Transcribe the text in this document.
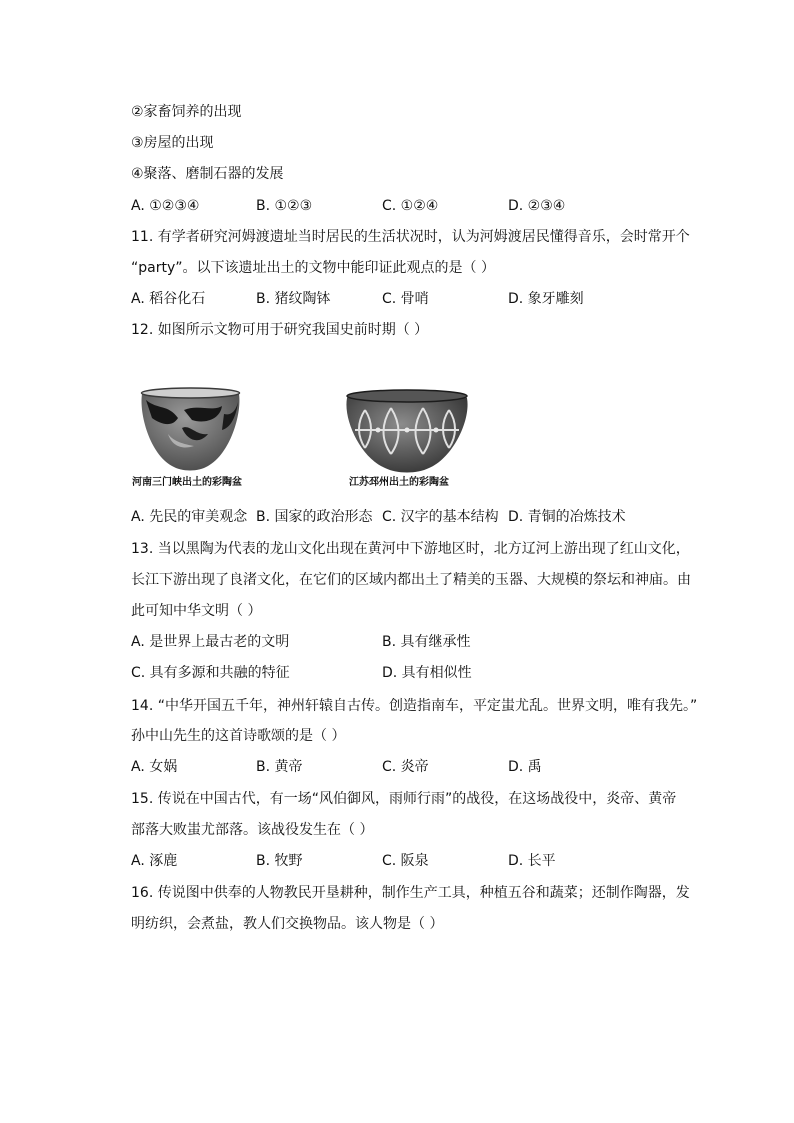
②家畜饲养的出现
③房屋的出现
④聚落、磨制石器的发展
A. ①②③④	B. ①②③	C. ①②④	D. ②③④
11. 有学者研究河姆渡遗址当时居民的生活状况时，认为河姆渡居民懂得音乐，会时常开个
“party”。以下该遗址出土的文物中能印证此观点的是（ ）
A. 稻谷化石	B. 猪纹陶钵	C. 骨哨	D. 象牙雕刻
12. 如图所示文物可用于研究我国史前时期（ ）
河南三门峡出土的彩陶盆	江苏邳州出土的彩陶盆
A. 先民的审美观念 B. 国家的政治形态 C. 汉字的基本结构 D. 青铜的冶炼技术
13. 当以黑陶为代表的龙山文化出现在黄河中下游地区时，北方辽河上游出现了红山文化，
长江下游出现了良渚文化，在它们的区域内都出土了精美的玉器、大规模的祭坛和神庙。由
此可知中华文明（ ）
A. 是世界上最古老的文明	B. 具有继承性
C. 具有多源和共融的特征	D. 具有相似性
14. “中华开国五千年，神州轩辕自古传。创造指南车，平定蚩尤乱。世界文明，唯有我先。”
孙中山先生的这首诗歌颂的是（ ）
A. 女娲	B. 黄帝	C. 炎帝	D. 禹
15. 传说在中国古代，有一场“风伯御风，雨师行雨”的战役，在这场战役中，炎帝、黄帝
部落大败蚩尤部落。该战役发生在（ ）
A. 涿鹿	B. 牧野	C. 阪泉	D. 长平
16. 传说图中供奉的人物教民开垦耕种，制作生产工具，种植五谷和蔬菜；还制作陶器，发
明纺织，会煮盐，教人们交换物品。该人物是（ ）
